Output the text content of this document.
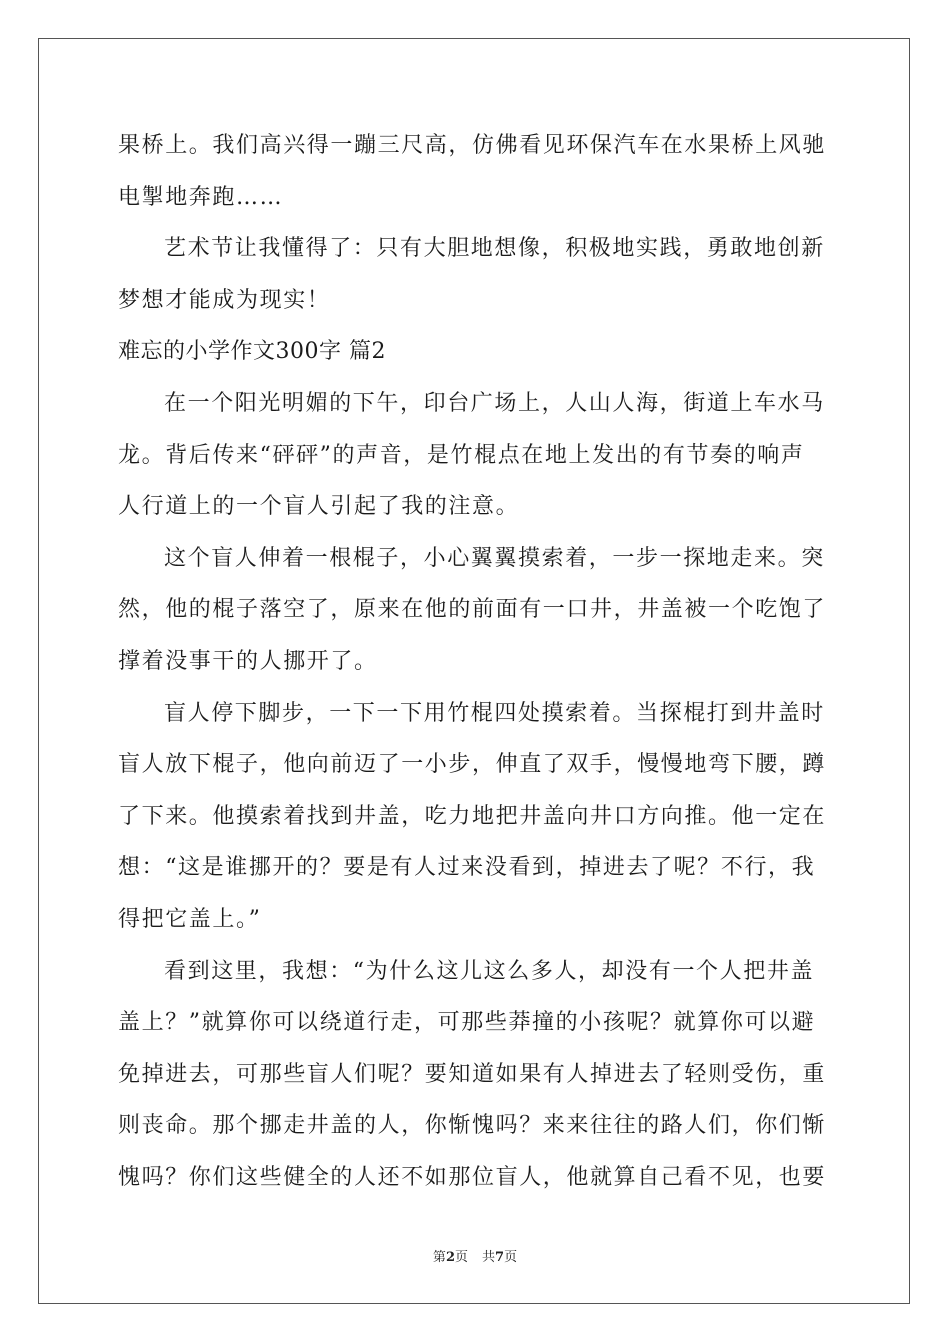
果桥上。我们高兴得一蹦三尺高，仿佛看见环保汽车在水果桥上风驰
电掣地奔跑……
艺术节让我懂得了：只有大胆地想像，积极地实践，勇敢地创新
梦想才能成为现实！
难忘的小学作文300字 篇2
在一个阳光明媚的下午，印台广场上，人山人海，街道上车水马
龙。背后传来“砰砰”的声音，是竹棍点在地上发出的有节奏的响声
人行道上的一个盲人引起了我的注意。
这个盲人伸着一根棍子，小心翼翼摸索着，一步一探地走来。突
然，他的棍子落空了，原来在他的前面有一口井，井盖被一个吃饱了
撑着没事干的人挪开了。
盲人停下脚步，一下一下用竹棍四处摸索着。当探棍打到井盖时
盲人放下棍子，他向前迈了一小步，伸直了双手，慢慢地弯下腰，蹲
了下来。他摸索着找到井盖，吃力地把井盖向井口方向推。他一定在
想：“这是谁挪开的？要是有人过来没看到，掉进去了呢？不行，我
得把它盖上。”
看到这里，我想：“为什么这儿这么多人，却没有一个人把井盖
盖上？”就算你可以绕道行走，可那些莽撞的小孩呢？就算你可以避
免掉进去，可那些盲人们呢？要知道如果有人掉进去了轻则受伤，重
则丧命。那个挪走井盖的人，你惭愧吗？来来往往的路人们，你们惭
愧吗？你们这些健全的人还不如那位盲人，他就算自己看不见，也要
第2页 共7页
